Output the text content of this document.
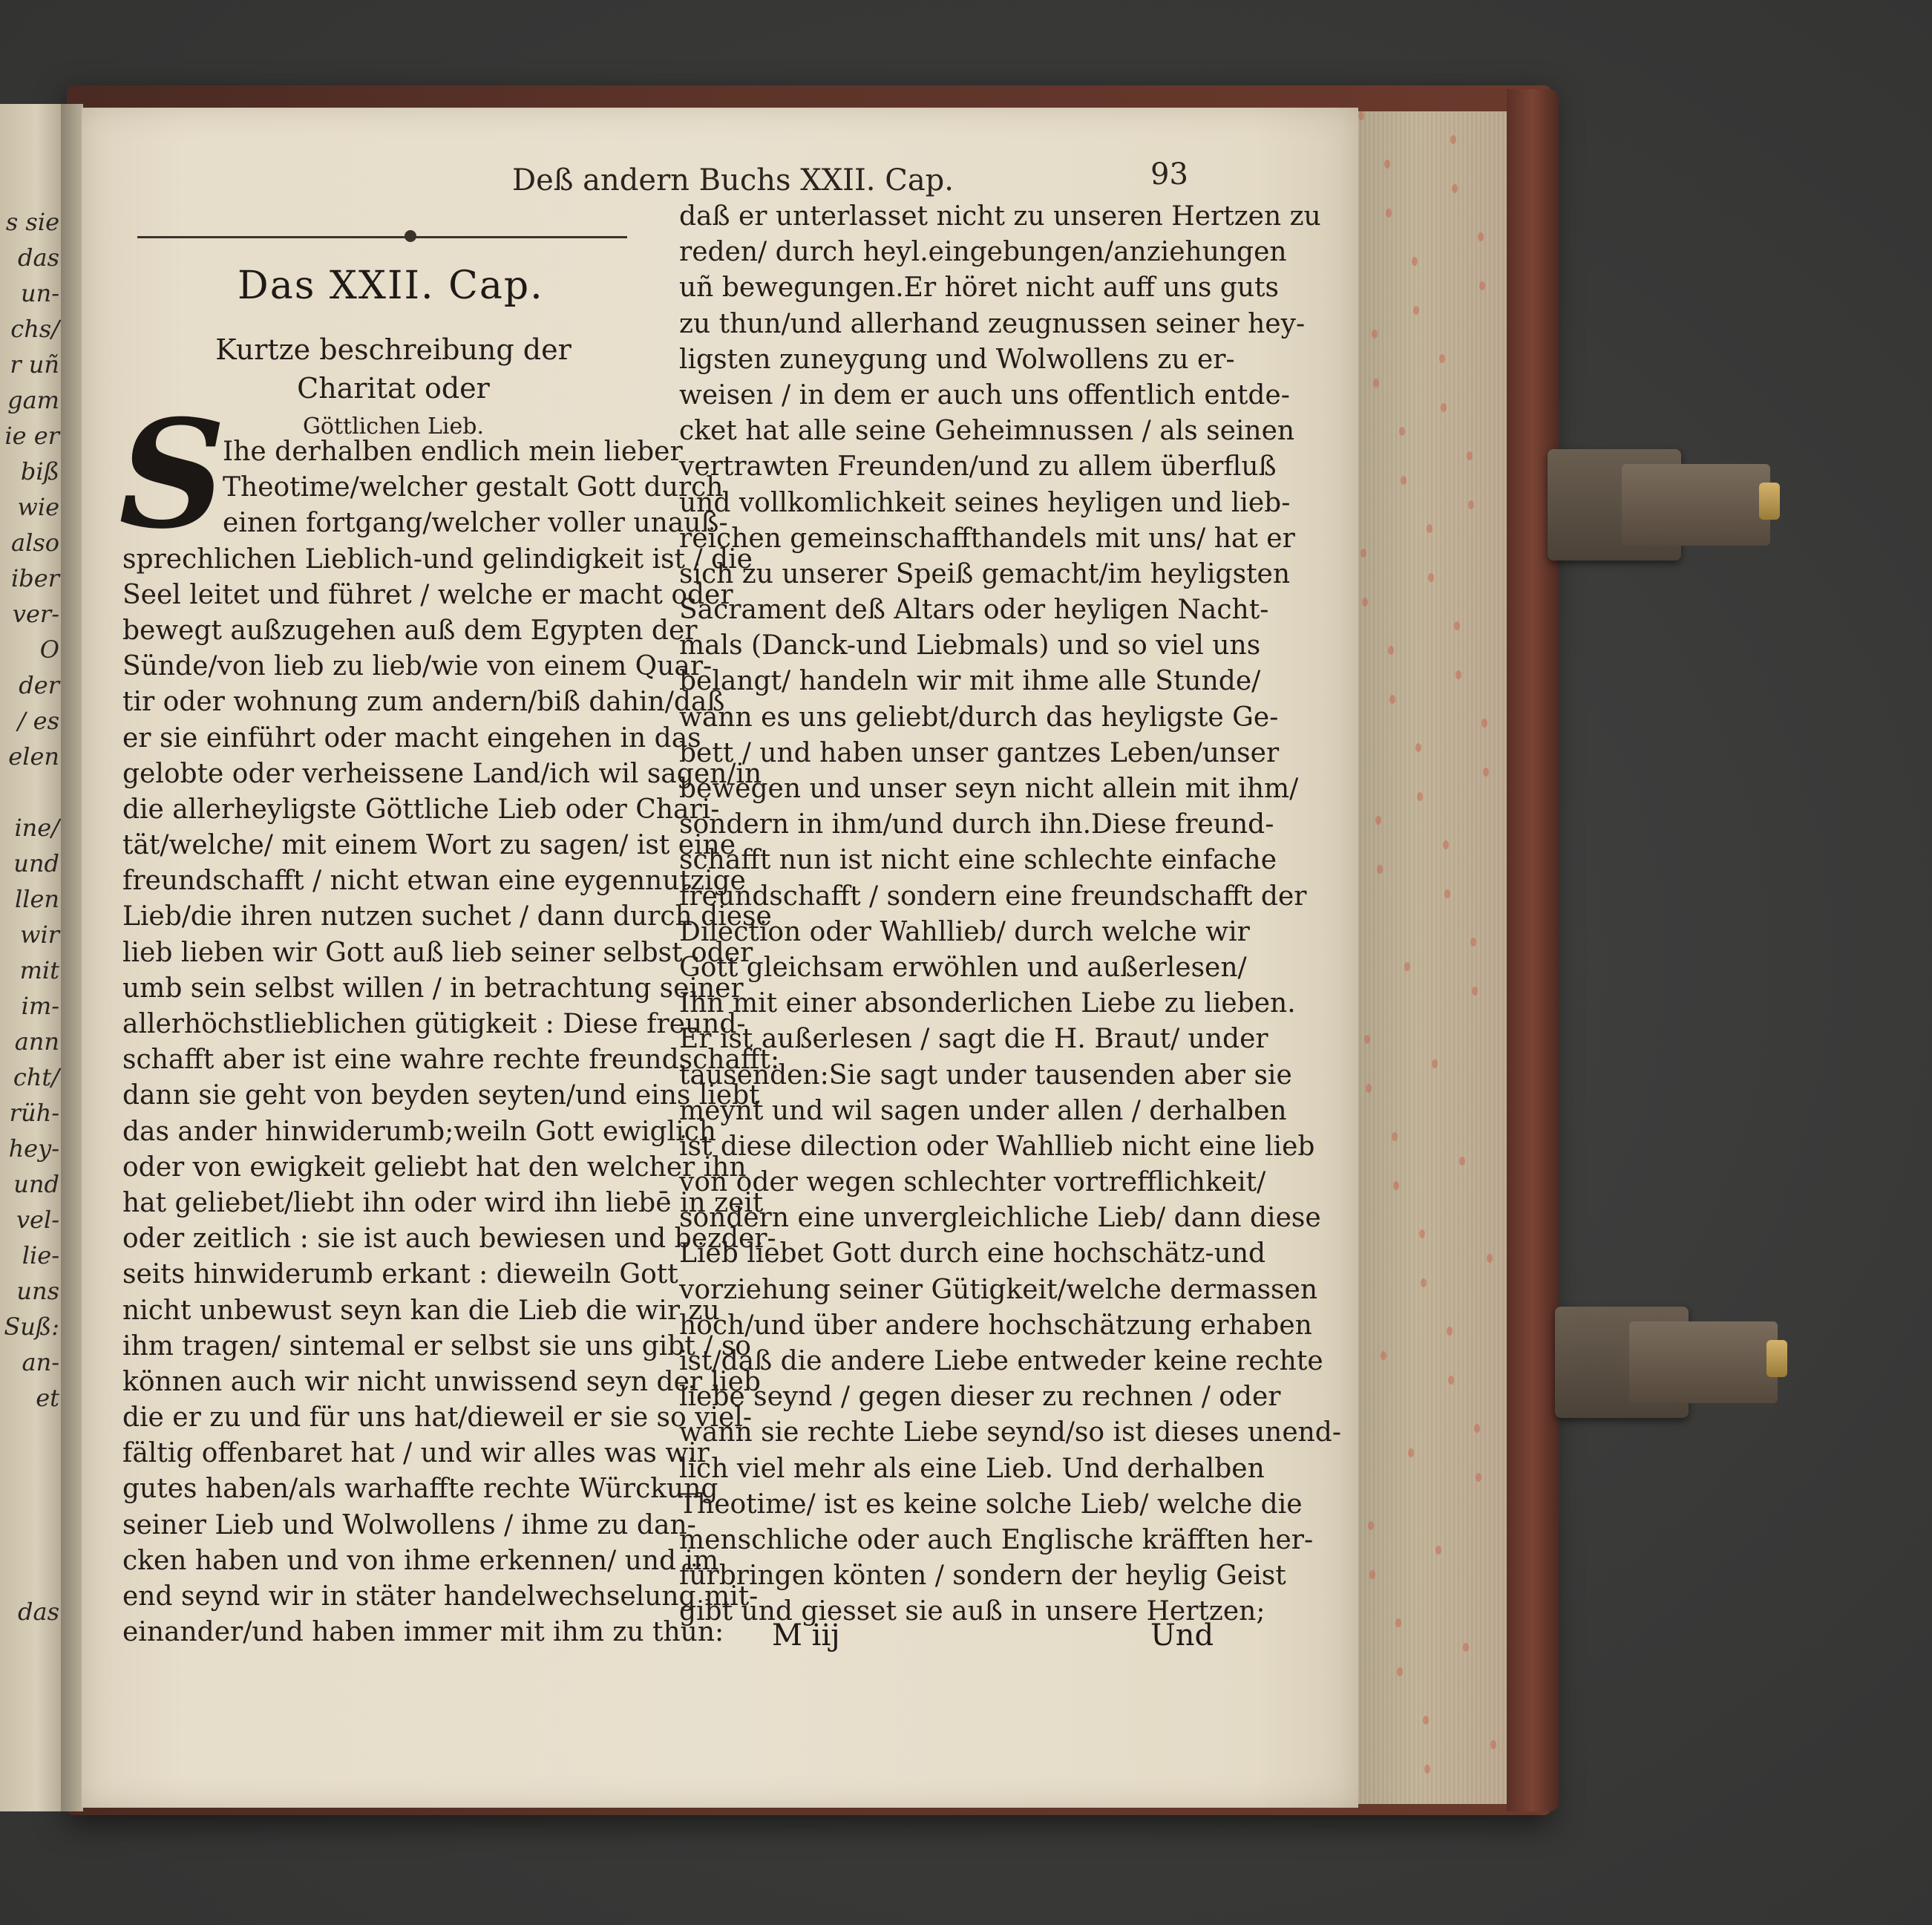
s sie
das
un-
chs/
r uñ
gam
ie er
biß
wie
also
iber
ver-
O
der
/ es
elen
ine/
und
llen
wir
mit
im-
ann
cht/
rüh-
hey-
und
vel-
lie-
uns
Suß:
an-
et
das
Deß andern Buchs XXII. Cap.	93
Das XXII. Cap.
Kurtze beschreibung der Charitat oder
Göttlichen Lieb.
S
Ihe derhalben endlich mein lieber
Theotime/welcher gestalt Gott durch
einen fortgang/welcher voller unauß-
sprechlichen Lieblich-und gelindigkeit ist / die
Seel leitet und führet / welche er macht oder
bewegt außzugehen auß dem Egypten der
Sünde/von lieb zu lieb/wie von einem Quar-
tir oder wohnung zum andern/biß dahin/daß
er sie einführt oder macht eingehen in das
gelobte oder verheissene Land/ich wil sagen/in
die allerheyligste Göttliche Lieb oder Chari-
tät/welche/ mit einem Wort zu sagen/ ist eine
freundschafft / nicht etwan eine eygennutzige
Lieb/die ihren nutzen suchet / dann durch diese
lieb lieben wir Gott auß lieb seiner selbst oder
umb sein selbst willen / in betrachtung seiner
allerhöchstlieblichen gütigkeit : Diese freund-
schafft aber ist eine wahre rechte freundschafft:
dann sie geht von beyden seyten/und eins liebt
das ander hinwiderumb;weiln Gott ewiglich
oder von ewigkeit geliebt hat den welcher ihn
hat geliebet/liebt ihn oder wird ihn liebē in zeit
oder zeitlich : sie ist auch bewiesen und bezder-
seits hinwiderumb erkant : dieweiln Gott
nicht unbewust seyn kan die Lieb die wir zu
ihm tragen/ sintemal er selbst sie uns gibt / so
können auch wir nicht unwissend seyn der lieb
die er zu und für uns hat/dieweil er sie so viel-
fältig offenbaret hat / und wir alles was wir
gutes haben/als warhaffte rechte Würckung
seiner Lieb und Wolwollens / ihme zu dan-
cken haben und von ihme erkennen/ und im
end seynd wir in stäter handelwechselung mit-
einander/und haben immer mit ihm zu thun:
daß er unterlasset nicht zu unseren Hertzen zu
reden/ durch heyl.eingebungen/anziehungen
uñ bewegungen.Er höret nicht auff uns guts
zu thun/und allerhand zeugnussen seiner hey-
ligsten zuneygung und Wolwollens zu er-
weisen / in dem er auch uns offentlich entde-
cket hat alle seine Geheimnussen / als seinen
vertrawten Freunden/und zu allem überfluß
und vollkomlichkeit seines heyligen und lieb-
reichen gemeinschaffthandels mit uns/ hat er
sich zu unserer Speiß gemacht/im heyligsten
Sacrament deß Altars oder heyligen Nacht-
mals (Danck-und Liebmals) und so viel uns
belangt/ handeln wir mit ihme alle Stunde/
wann es uns geliebt/durch das heyligste Ge-
bett / und haben unser gantzes Leben/unser
bewegen und unser seyn nicht allein mit ihm/
sondern in ihm/und durch ihn.Diese freund-
schafft nun ist nicht eine schlechte einfache
freundschafft / sondern eine freundschafft der
Dilection oder Wahllieb/ durch welche wir
Gott gleichsam erwöhlen und außerlesen/
Ihn mit einer absonderlichen Liebe zu lieben.
Er ist außerlesen / sagt die H. Braut/ under
tausenden:Sie sagt under tausenden aber sie
meynt und wil sagen under allen / derhalben
ist diese dilection oder Wahllieb nicht eine lieb
von oder wegen schlechter vortrefflichkeit/
sondern eine unvergleichliche Lieb/ dann diese
Lieb liebet Gott durch eine hochschätz-und
vorziehung seiner Gütigkeit/welche dermassen
hoch/und über andere hochschätzung erhaben
ist/daß die andere Liebe entweder keine rechte
liebe seynd / gegen dieser zu rechnen / oder
wann sie rechte Liebe seynd/so ist dieses unend-
lich viel mehr als eine Lieb. Und derhalben
Theotime/ ist es keine solche Lieb/ welche die
menschliche oder auch Englische kräfften her-
fürbringen könten / sondern der heylig Geist
gibt und giesset sie auß in unsere Hertzen;
M iij	Und
